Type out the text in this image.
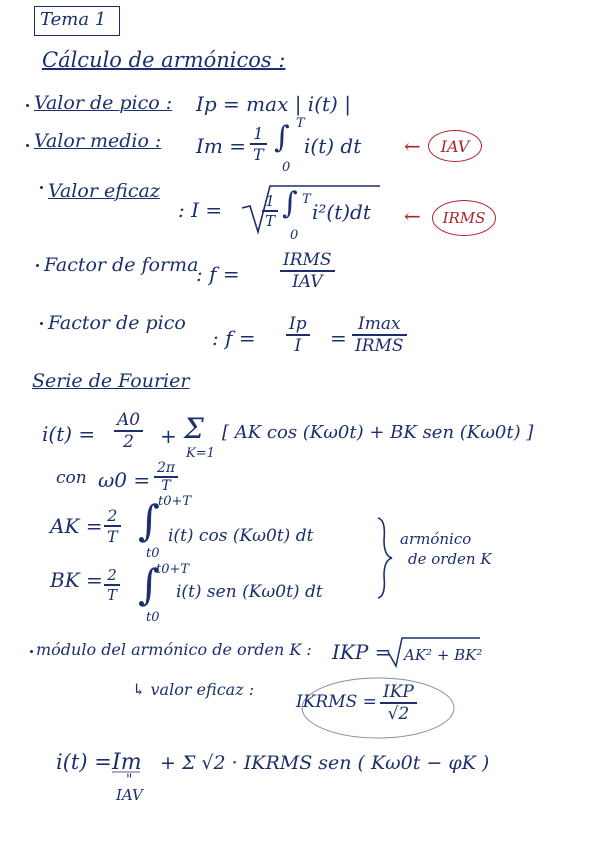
Tema 1
Cálculo de armónicos :
Valor de pico : Ip = max | i(t) |
Valor medio : Im =
1
T ∫ T
0
i(t) dt ← IAV
Valor eficaz
: I =	1
T ∫ T
0
i²(t)dt ← IRMS
Factor de forma
: f =
IRMS
IAV
Factor de pico
: f =
Ip
I =
Imax
IRMS
Serie de Fourier
i(t) =
A0
2 + Σ
K=1
[ AK cos (Kω0t) + BK sen (Kω0t) ]
con ω0 = 2π
T
AK = 2
T ∫
t0+T
t0
i(t) cos (Kω0t) dt
BK = 2
T ∫
t0+T
t0
i(t) sen (Kω0t) dt
armónico
de orden K
módulo del armónico de orden K : IKP = AK² + BK²
↳ valor eficaz :
IKRMS = IKP
√2
i(t) = Im
"
IAV
+ Σ √2 · IKRMS sen ( Kω0t − φK )
